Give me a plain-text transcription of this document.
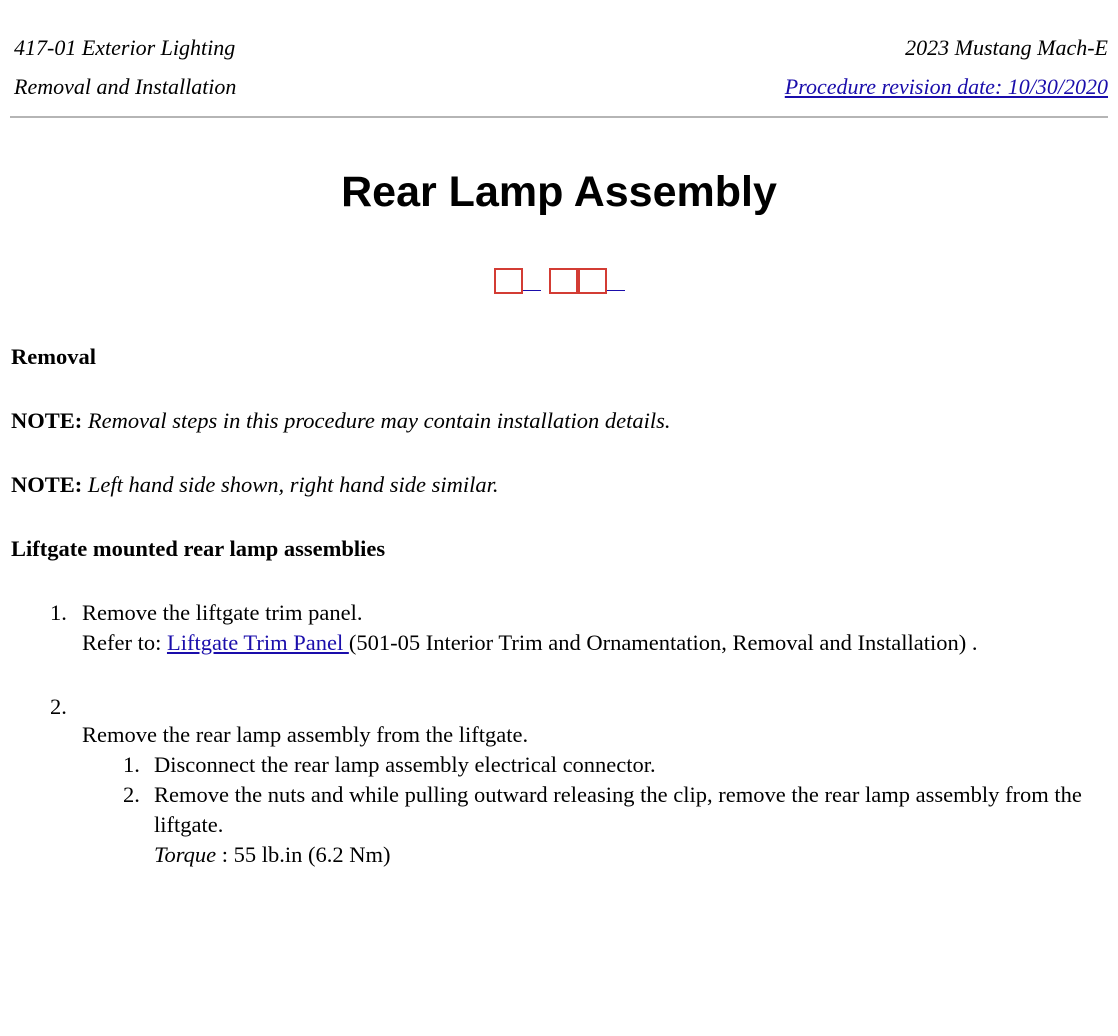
417-01 Exterior Lighting
Removal and Installation
2023 Mustang Mach-E
Procedure revision date: 10/30/2020
Rear Lamp Assembly

Removal

NOTE: Removal steps in this procedure may contain installation details.

NOTE: Left hand side shown, right hand side similar.

Liftgate mounted rear lamp assemblies

1. Remove the liftgate trim panel.
Refer to: Liftgate Trim Panel (501-05 Interior Trim and Ornamentation, Removal and Installation) .
2.
Remove the rear lamp assembly from the liftgate.
1. Disconnect the rear lamp assembly electrical connector.
2. Remove the nuts and while pulling outward releasing the clip, remove the rear lamp assembly from the liftgate.
Torque : 55 lb.in (6.2 Nm)
